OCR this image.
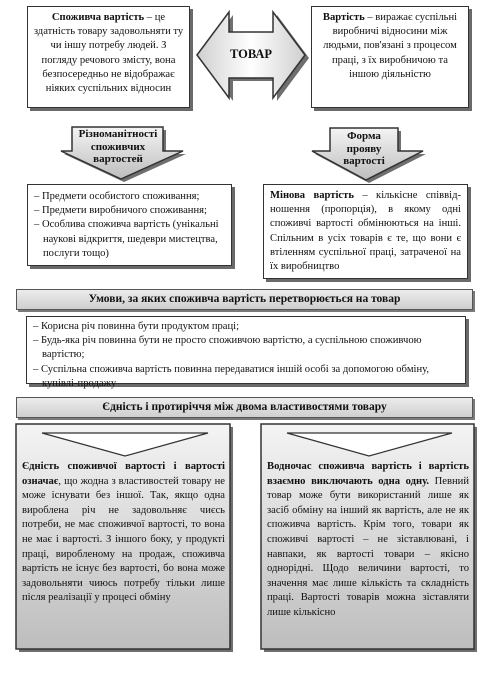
ТОВАР
Споживча вартість – це здатність товару задовольняти ту чи іншу потребу людей. З погляду речового змісту, вона безпосередньо не відображає ніяких суспільних відносин
Вартість – виражає суспільні виробничі відносини між людьми, пов'язані з процесом праці, з їх виробничою та іншою діяльністю
Різноманітності споживчих вартостей
Форма прояву вартості
– Предмети особистого споживання;
– Предмети виробничого споживання;
– Особлива споживча вартість (унікальні наукові відкриття, шедеври мистецтва, послуги тощо)
Мінова вартість – кількісне співвід-ношення (пропорція), в якому одні споживчі вартості обмінюються на інші. Спільним в усіх товарів є те, що вони є втіленням суспільної праці, затраченої на їх виробництво
Умови, за яких споживча вартість перетворюється на товар
– Корисна річ повинна бути продуктом праці;
– Будь-яка річ повинна бути не просто споживчою вартістю, а суспільною споживчою вартістю;
– Суспільна споживча вартість повинна передаватися іншій особі за допомогою обміну, купівлі-продажу
Єдність і протиріччя між двома властивостями товару
Єдність споживчої вартості і вартості означає, що жодна з властивостей товару не може існувати без іншої. Так, якщо одна вироблена річ не задовольняє чиєсь потреби, не має споживчої вартості, то вона не має і вартості. З іншого боку, у продукті праці, виробленому на продаж, споживча вартість не існує без вартості, бо вона може задовольняти чиюсь потребу тільки лише після реалізації у процесі обміну
Водночас споживча вартість і вартість взаємно виключають одна одну. Певний товар може бути використаний лише як засіб обміну на інший як вартість, але не як споживча вартість. Крім того, товари як споживчі вартості – не зіставлювані, і навпаки, як вартості товари – якісно однорідні. Щодо величини вартості, то значення має лише кількість та складність праці. Вартості товарів можна зіставляти лише кількісно
